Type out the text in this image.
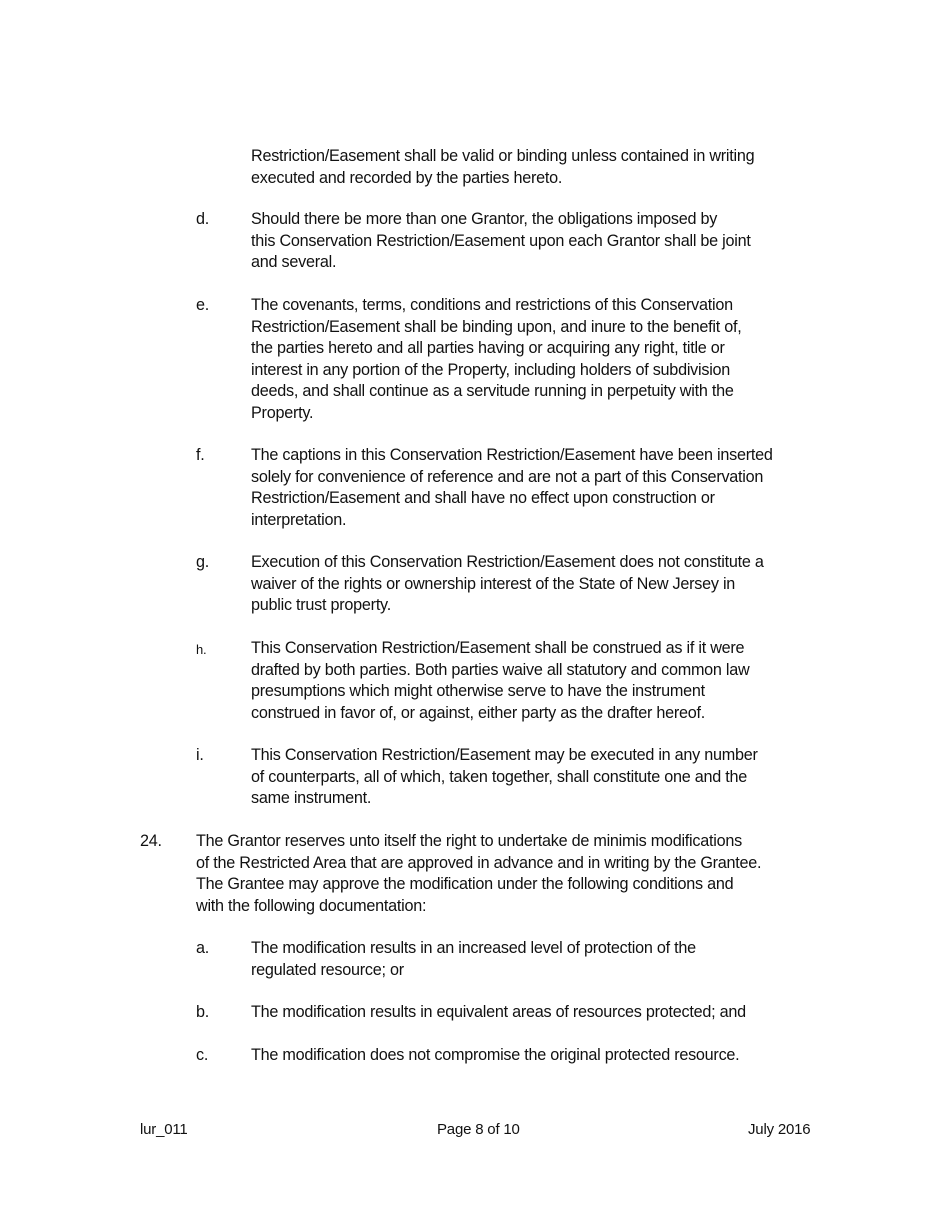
Restriction/Easement shall be valid or binding unless contained in writing
executed and recorded by the parties hereto.
d.	Should there be more than one Grantor, the obligations imposed by
this Conservation Restriction/Easement upon each Grantor shall be joint
and several.
e.	The covenants, terms, conditions and restrictions of this Conservation
Restriction/Easement shall be binding upon, and inure to the benefit of,
the parties hereto and all parties having or acquiring any right, title or
interest in any portion of the Property, including holders of subdivision
deeds, and shall continue as a servitude running in perpetuity with the
Property.
f.	The captions in this Conservation Restriction/Easement have been inserted
solely for convenience of reference and are not a part of this Conservation
Restriction/Easement and shall have no effect upon construction or
interpretation.
g.	Execution of this Conservation Restriction/Easement does not constitute a
waiver of the rights or ownership interest of the State of New Jersey in
public trust property.
h.	This Conservation Restriction/Easement shall be construed as if it were
drafted by both parties. Both parties waive all statutory and common law
presumptions which might otherwise serve to have the instrument
construed in favor of, or against, either party as the drafter hereof.
i.	This Conservation Restriction/Easement may be executed in any number
of counterparts, all of which, taken together, shall constitute one and the
same instrument.
24. The Grantor reserves unto itself the right to undertake de minimis modifications
of the Restricted Area that are approved in advance and in writing by the Grantee.
The Grantee may approve the modification under the following conditions and
with the following documentation:
a.	The modification results in an increased level of protection of the
regulated resource; or
b.	The modification results in equivalent areas of resources protected; and
c.	The modification does not compromise the original protected resource.
lur_011	Page 8 of 10	July 2016
